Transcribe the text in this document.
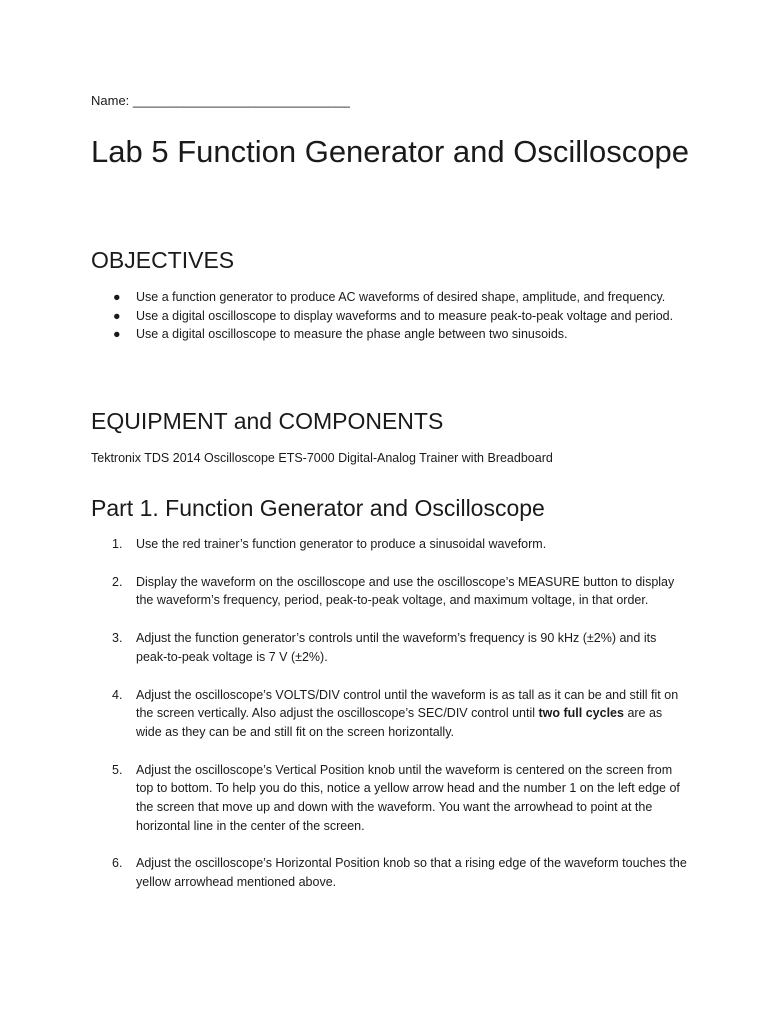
Name: ______________________________
Lab 5 Function Generator and Oscilloscope
OBJECTIVES
● Use a function generator to produce AC waveforms of desired shape, amplitude, and frequency.
● Use a digital oscilloscope to display waveforms and to measure peak-to-peak voltage and period.
● Use a digital oscilloscope to measure the phase angle between two sinusoids.
EQUIPMENT and COMPONENTS
Tektronix TDS 2014 Oscilloscope ETS-7000 Digital-Analog Trainer with Breadboard
Part 1. Function Generator and Oscilloscope
1. Use the red trainer’s function generator to produce a sinusoidal waveform.
2. Display the waveform on the oscilloscope and use the oscilloscope’s MEASURE button to display the waveform’s frequency, period, peak-to-peak voltage, and maximum voltage, in that order.
3. Adjust the function generator’s controls until the waveform’s frequency is 90 kHz (±2%) and its peak-to-peak voltage is 7 V (±2%).
4. Adjust the oscilloscope’s VOLTS/DIV control until the waveform is as tall as it can be and still fit on the screen vertically. Also adjust the oscilloscope’s SEC/DIV control until two full cycles are as wide as they can be and still fit on the screen horizontally.
5. Adjust the oscilloscope’s Vertical Position knob until the waveform is centered on the screen from top to bottom. To help you do this, notice a yellow arrow head and the number 1 on the left edge of the screen that move up and down with the waveform. You want the arrowhead to point at the horizontal line in the center of the screen.
6. Adjust the oscilloscope’s Horizontal Position knob so that a rising edge of the waveform touches the yellow arrowhead mentioned above.
